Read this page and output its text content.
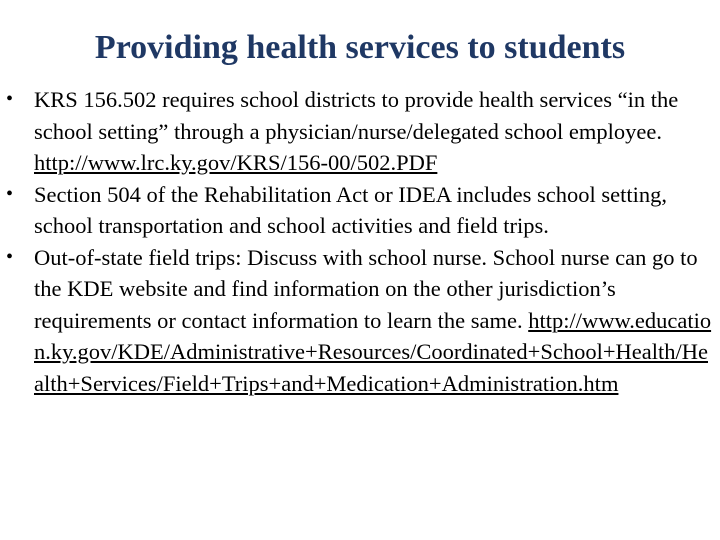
Providing health services to students
• KRS 156.502 requires school districts to provide health services “in the school setting” through a physician/nurse/delegated school employee. http://www.lrc.ky.gov/KRS/156-00/502.PDF
• Section 504 of the Rehabilitation Act or IDEA includes school setting, school transportation and school activities and field trips.
• Out-of-state field trips: Discuss with school nurse. School nurse can go to the KDE website and find information on the other jurisdiction’s requirements or contact information to learn the same. http://www.education.ky.gov/KDE/Administrative+Resources/Coordinated+School+Health/Health+Services/Field+Trips+and+Medication+Administration.htm
